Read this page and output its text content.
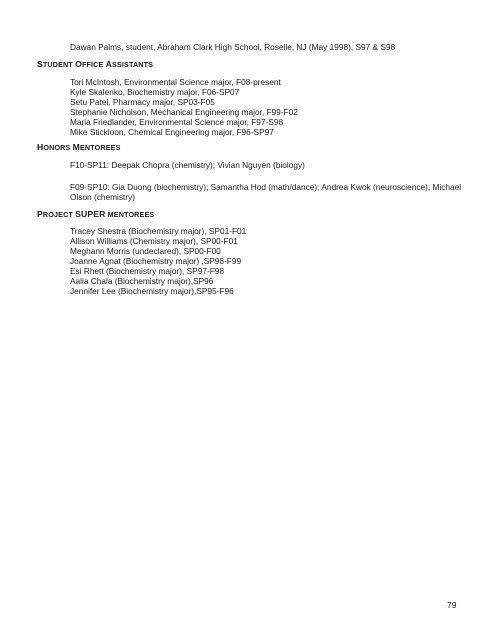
Dawan Palms, student, Abraham Clark High School, Roselle, NJ (May 1998), S97 & S98
STUDENT OFFICE ASSISTANTS
Tori McIntosh, Environmental Science major, F08-present
Kyle Skalenko, Biochemistry major, F06-SP07
Setu Patel, Pharmacy major, SP03-F05
Stephanie Nicholson, Mechanical Engineering major, F99-F02
Maria Friedlander, Environmental Science major, F97-S98
Mike Stickloon, Chemical Engineering major, F96-SP97
HONORS MENTOREES
F10-SP11: Deepak Chopra (chemistry); Vivian Nguyen (biology)
F09-SP10: Gia Duong (biochemistry); Samantha Hod (math/dance); Andrea Kwok (neuroscience); Michael
Olson (chemistry)
PROJECT SUPER MENTOREES
Tracey Shestra (Biochemistry major), SP01-F01
Allison Williams (Chemistry major), SP00-F01
Meghann Morris (undeclared), SP00-F00
Joanne Agnat (Biochemistry major) ,SP98-F99
Esi Rhett (Biochemistry major), SP97-F98
Aalia Chala (Biochemistry major),SP96
Jennifer Lee (Biochemistry major),SP95-F96
79
